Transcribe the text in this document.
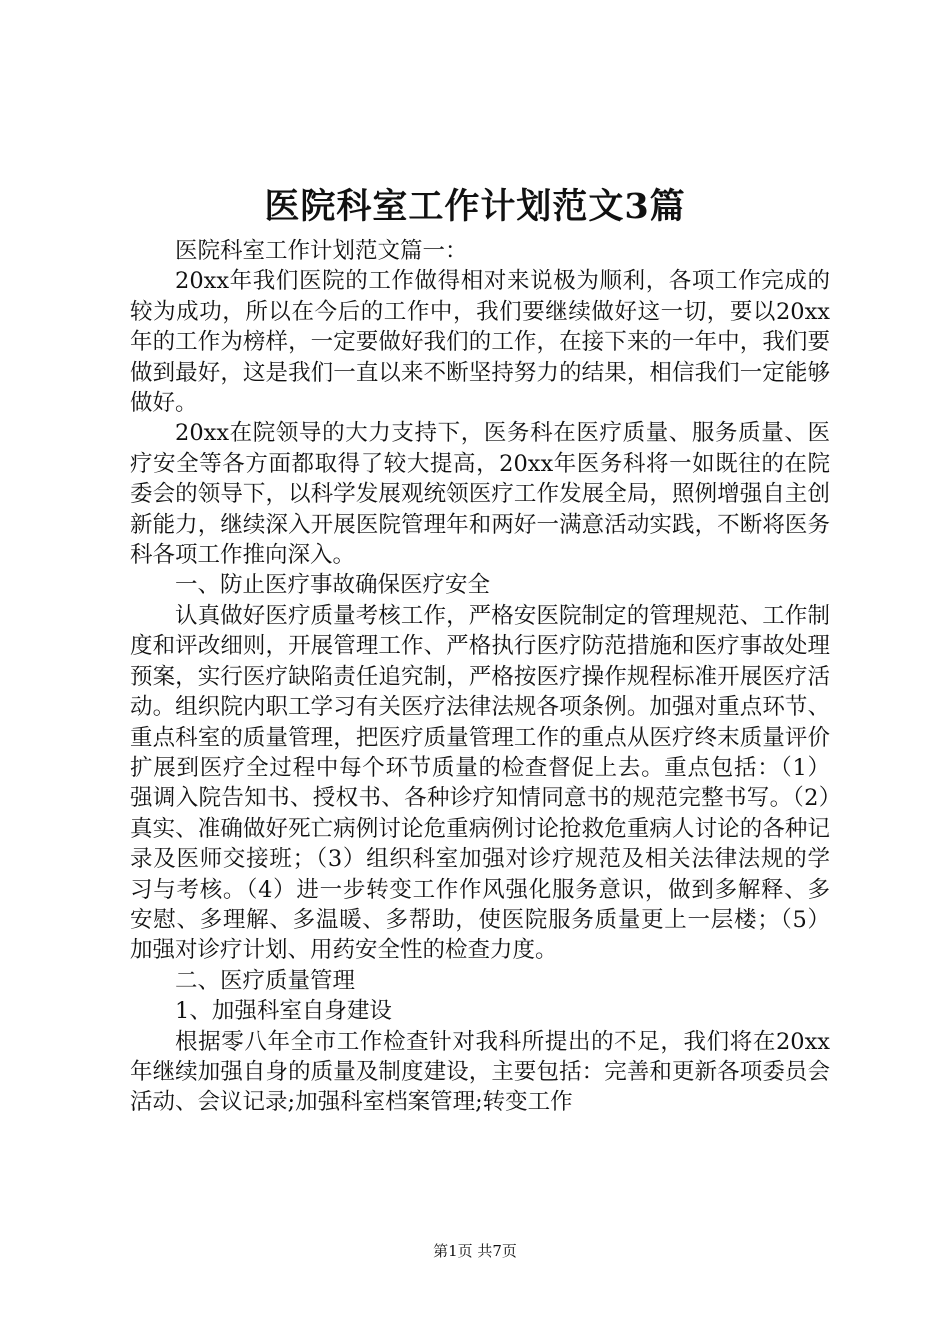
医院科室工作计划范文3篇

医院科室工作计划范文篇一：

20xx年我们医院的工作做得相对来说极为顺利，各项工作完成的较为成功，所以在今后的工作中，我们要继续做好这一切，要以20xx年的工作为榜样，一定要做好我们的工作，在接下来的一年中，我们要做到最好，这是我们一直以来不断坚持努力的结果，相信我们一定能够做好。

20xx在院领导的大力支持下，医务科在医疗质量、服务质量、医疗安全等各方面都取得了较大提高，20xx年医务科将一如既往的在院委会的领导下，以科学发展观统领医疗工作发展全局，照例增强自主创新能力，继续深入开展医院管理年和两好一满意活动实践，不断将医务科各项工作推向深入。

一、防止医疗事故确保医疗安全

认真做好医疗质量考核工作，严格安医院制定的管理规范、工作制度和评改细则，开展管理工作、严格执行医疗防范措施和医疗事故处理预案，实行医疗缺陷责任追究制，严格按医疗操作规程标准开展医疗活动。组织院内职工学习有关医疗法律法规各项条例。加强对重点环节、重点科室的质量管理，把医疗质量管理工作的重点从医疗终末质量评价扩展到医疗全过程中每个环节质量的检查督促上去。重点包括：（1）强调入院告知书、授权书、各种诊疗知情同意书的规范完整书写。（2）真实、准确做好死亡病例讨论危重病例讨论抢救危重病人讨论的各种记录及医师交接班；（3）组织科室加强对诊疗规范及相关法律法规的学习与考核。（4）进一步转变工作作风强化服务意识，做到多解释、多安慰、多理解、多温暖、多帮助，使医院服务质量更上一层楼；（5）加强对诊疗计划、用药安全性的检查力度。

二、医疗质量管理

1、加强科室自身建设

根据零八年全市工作检查针对我科所提出的不足，我们将在20xx年继续加强自身的质量及制度建设，主要包括：完善和更新各项委员会活动、会议记录;加强科室档案管理;转变工作

第1页 共7页
